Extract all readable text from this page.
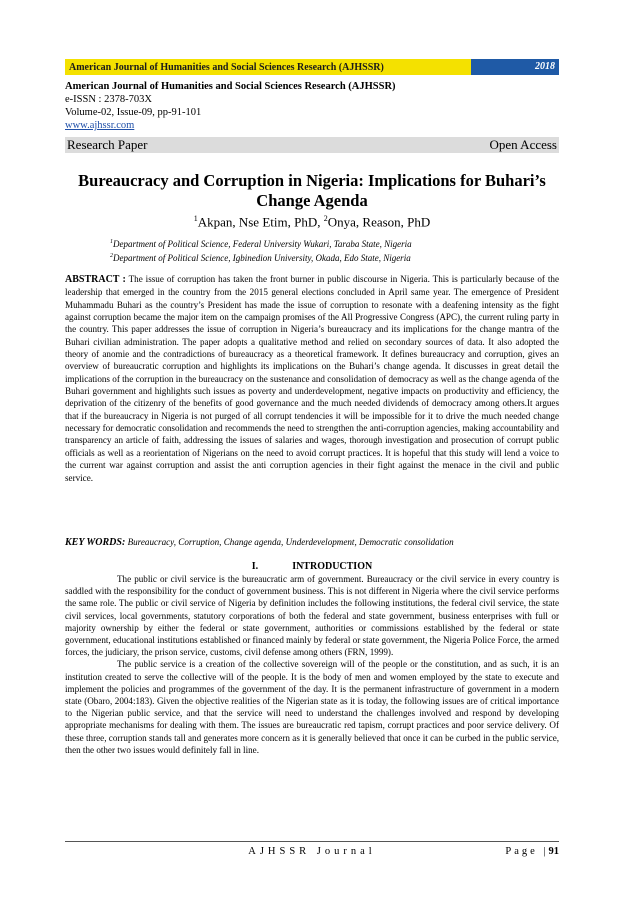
American Journal of Humanities and Social Sciences Research (AJHSSR)	2018
American Journal of Humanities and Social Sciences Research (AJHSSR)
e-ISSN : 2378-703X
Volume-02, Issue-09, pp-91-101
www.ajhssr.com
Research Paper	Open Access
Bureaucracy and Corruption in Nigeria: Implications for Buhari’s Change Agenda
$^1$Akpan, Nse Etim, PhD, $^2$Onya, Reason, PhD
$^1$Department of Political Science, Federal University Wukari, Taraba State, Nigeria
$^2$Department of Political Science, Igbinedion University, Okada, Edo State, Nigeria
ABSTRACT : The issue of corruption has taken the front burner in public discourse in Nigeria. This is particularly because of the leadership that emerged in the country from the 2015 general elections concluded in April same year. The emergence of President Muhammadu Buhari as the country’s President has made the issue of corruption to resonate with a deafening intensity as the fight against corruption became the major item on the campaign promises of the All Progressive Congress (APC), the current ruling party in the country. This paper addresses the issue of corruption in Nigeria’s bureaucracy and its implications for the change mantra of the Buhari civilian administration. The paper adopts a qualitative method and relied on secondary sources of data. It also adopted the theory of anomie and the contradictions of bureaucracy as a theoretical framework. It defines bureaucracy and corruption, gives an overview of bureaucratic corruption and highlights its implications on the Buhari’s change agenda. It discusses in great detail the implications of the corruption in the bureaucracy on the sustenance and consolidation of democracy as well as the change agenda of the Buhari government and highlights such issues as poverty and underdevelopment, negative impacts on productivity and efficiency, the deprivation of the citizenry of the benefits of good governance and the much needed dividends of democracy among others.It argues that if the bureaucracy in Nigeria is not purged of all corrupt tendencies it will be impossible for it to drive the much needed change necessary for democratic consolidation and recommends the need to strengthen the anti-corruption agencies, making accountability and transparency an article of faith, addressing the issues of salaries and wages, thorough investigation and prosecution of corrupt public officials as well as a reorientation of Nigerians on the need to avoid corrupt practices. It is hopeful that this study will lend a voice to the current war against corruption and assist the anti corruption agencies in their fight against the menace in the civil and public service.
KEY WORDS: Bureaucracy, Corruption, Change agenda, Underdevelopment, Democratic consolidation
I.	INTRODUCTION

The public or civil service is the bureaucratic arm of government. Bureaucracy or the civil service in every country is saddled with the responsibility for the conduct of government business. This is not different in Nigeria where the civil service performs the same role. The public or civil service of Nigeria by definition includes the following institutions, the federal civil service, the state civil services, local governments, statutory corporations of both the federal and state government, business enterprises with full or majority ownership by either the federal or state government, authorities or commissions established by the federal or state government, educational institutions established or financed mainly by federal or state government, the Nigeria Police Force, the armed forces, the judiciary, the prison service, customs, civil defense among others (FRN, 1999).

The public service is a creation of the collective sovereign will of the people or the constitution, and as such, it is an institution created to serve the collective will of the people. It is the body of men and women employed by the state to execute and implement the policies and programmes of the government of the day. It is the permanent infrastructure of government in a modern state (Obaro, 2004:183). Given the objective realities of the Nigerian state as it is today, the following issues are of critical importance to the Nigerian public service, and that the service will need to understand the challenges involved and respond by developing appropriate mechanisms for dealing with them. The issues are bureaucratic red tapism, corrupt practices and poor service delivery. Of these three, corruption stands tall and generates more concern as it is generally believed that once it can be curbed in the public service, then the other two issues would definitely fall in line.

AJHSSR Journal	Page |91
